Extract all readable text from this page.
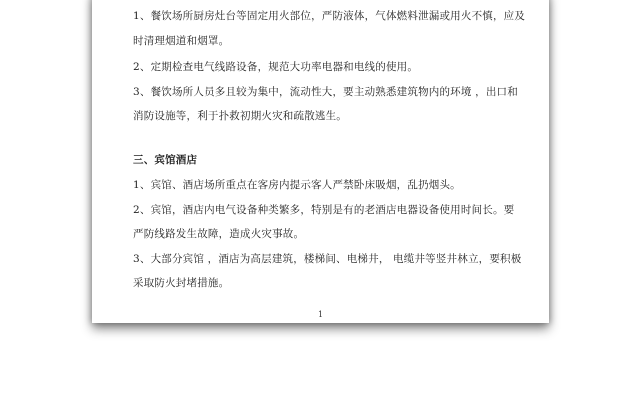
1、餐饮场所厨房灶台等固定用火部位，严防液体，气体燃料泄漏或用火不慎，应及
时清理烟道和烟罩。
2、定期检查电气线路设备，规范大功率电器和电线的使用。
3、餐饮场所人员多且较为集中，流动性大，要主动熟悉建筑物内的环境 ，出口和
消防设施等，利于扑救初期火灾和疏散逃生。
三、宾馆酒店
1、宾馆、酒店场所重点在客房内提示客人严禁卧床吸烟，乱扔烟头。
2、宾馆，酒店内电气设备种类繁多，特别是有的老酒店电器设备使用时间长。要
严防线路发生故障，造成火灾事故。
3、大部分宾馆 ，酒店为高层建筑，楼梯间、电梯井， 电缆井等竖井林立，要积极
采取防火封堵措施。
1
